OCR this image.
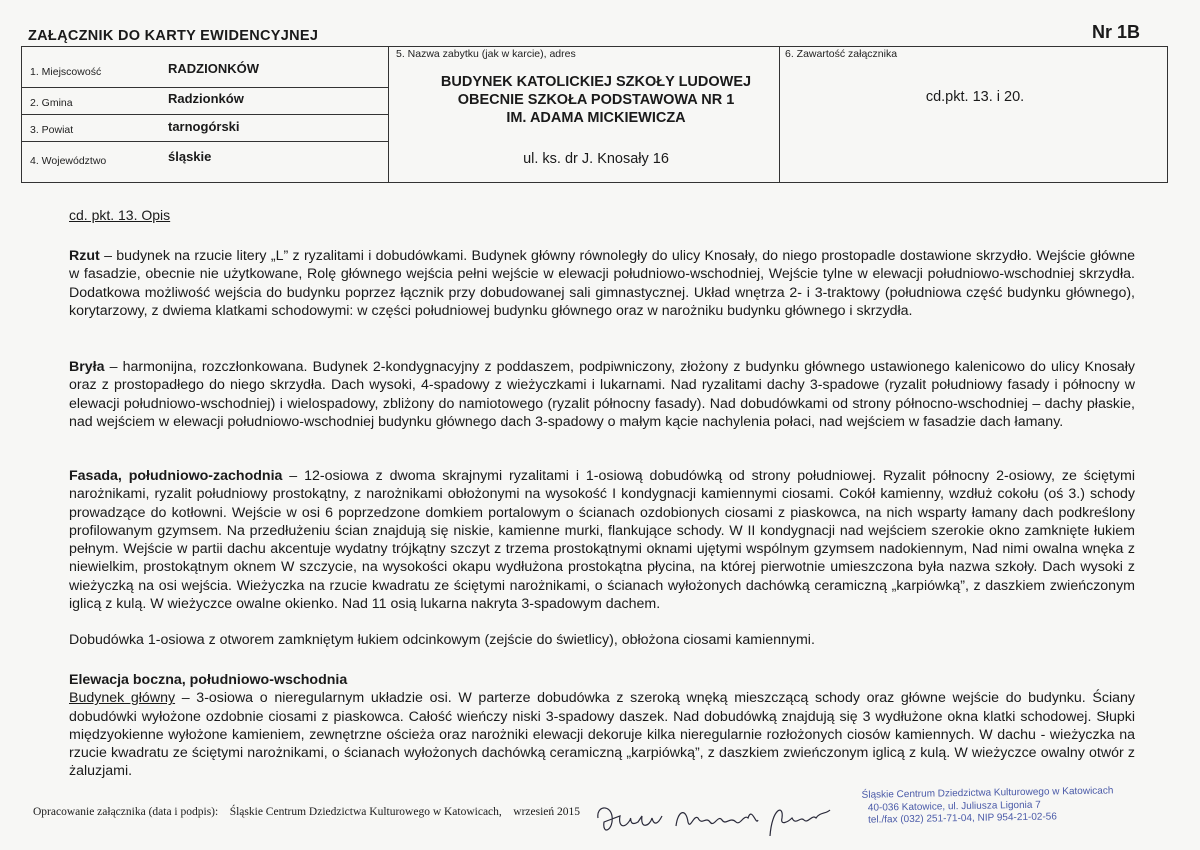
ZAŁĄCZNIK DO KARTY EWIDENCYJNEJ	Nr 1B
1. Miejscowość	RADZIONKÓW
2. Gmina	Radzionków
3. Powiat	tarnogórski
4. Województwo	śląskie
5. Nazwa zabytku (jak w karcie), adres
BUDYNEK KATOLICKIEJ SZKOŁY LUDOWEJ
OBECNIE SZKOŁA PODSTAWOWA NR 1
IM. ADAMA MICKIEWICZA
ul. ks. dr J. Knosały 16
6. Zawartość załącznika
cd.pkt. 13. i 20.
cd. pkt. 13. Opis

Rzut – budynek na rzucie litery „L” z ryzalitami i dobudówkami. Budynek główny równoległy do ulicy Knosały, do niego prostopadle dostawione skrzydło. Wejście główne w fasadzie, obecnie nie użytkowane, Rolę głównego wejścia pełni wejście w elewacji południowo-wschodniej, Wejście tylne w elewacji południowo-wschodniej skrzydła. Dodatkowa możliwość wejścia do budynku poprzez łącznik przy dobudowanej sali gimnastycznej. Układ wnętrza 2- i 3-traktowy (południowa część budynku głównego), korytarzowy, z dwiema klatkami schodowymi: w części południowej budynku głównego oraz w narożniku budynku głównego i skrzydła.

Bryła – harmonijna, rozczłonkowana. Budynek 2-kondygnacyjny z poddaszem, podpiwniczony, złożony z budynku głównego ustawionego kalenicowo do ulicy Knosały oraz z prostopadłego do niego skrzydła. Dach wysoki, 4-spadowy z wieżyczkami i lukarnami. Nad ryzalitami dachy 3-spadowe (ryzalit południowy fasady i północny w elewacji południowo-wschodniej) i wielospadowy, zbliżony do namiotowego (ryzalit północny fasady). Nad dobudówkami od strony północno-wschodniej – dachy płaskie, nad wejściem w elewacji południowo-wschodniej budynku głównego dach 3-spadowy o małym kącie nachylenia połaci, nad wejściem w fasadzie dach łamany.

Fasada, południowo-zachodnia – 12-osiowa z dwoma skrajnymi ryzalitami i 1-osiową dobudówką od strony południowej. Ryzalit północny 2-osiowy, ze ściętymi narożnikami, ryzalit południowy prostokątny, z narożnikami obłożonymi na wysokość I kondygnacji kamiennymi ciosami. Cokół kamienny, wzdłuż cokołu (oś 3.) schody prowadzące do kotłowni. Wejście w osi 6 poprzedzone domkiem portalowym o ścianach ozdobionych ciosami z piaskowca, na nich wsparty łamany dach podkreślony profilowanym gzymsem. Na przedłużeniu ścian znajdują się niskie, kamienne murki, flankujące schody. W II kondygnacji nad wejściem szerokie okno zamknięte łukiem pełnym. Wejście w partii dachu akcentuje wydatny trójkątny szczyt z trzema prostokątnymi oknami ujętymi wspólnym gzymsem nadokiennym, Nad nimi owalna wnęka z niewielkim, prostokątnym oknem W szczycie, na wysokości okapu wydłużona prostokątna płycina, na której pierwotnie umieszczona była nazwa szkoły. Dach wysoki z wieżyczką na osi wejścia. Wieżyczka na rzucie kwadratu ze ściętymi narożnikami, o ścianach wyłożonych dachówką ceramiczną „karpiówką”, z daszkiem zwieńczonym iglicą z kulą. W wieżyczce owalne okienko. Nad 11 osią lukarna nakryta 3-spadowym dachem.

Dobudówka 1-osiowa z otworem zamkniętym łukiem odcinkowym (zejście do świetlicy), obłożona ciosami kamiennymi.

Elewacja boczna, południowo-wschodnia
Budynek główny – 3-osiowa o nieregularnym układzie osi. W parterze dobudówka z szeroką wnęką mieszczącą schody oraz główne wejście do budynku. Ściany dobudówki wyłożone ozdobnie ciosami z piaskowca. Całość wieńczy niski 3-spadowy daszek. Nad dobudówką znajdują się 3 wydłużone okna klatki schodowej. Słupki międzyokienne wyłożone kamieniem, zewnętrzne ościeża oraz narożniki elewacji dekoruje kilka nieregularnie rozłożonych ciosów kamiennych. W dachu - wieżyczka na rzucie kwadratu ze ściętymi narożnikami, o ścianach wyłożonych dachówką ceramiczną „karpiówką”, z daszkiem zwieńczonym iglicą z kulą. W wieżyczce owalny otwór z żaluzjami.

Opracowanie załącznika (data i podpis): Śląskie Centrum Dziedzictwa Kulturowego w Katowicach, wrzesień 2015
Śląskie Centrum Dziedzictwa Kulturowego w Katowicach
40-036 Katowice, ul. Juliusza Ligonia 7
tel./fax (032) 251-71-04, NIP 954-21-02-56
